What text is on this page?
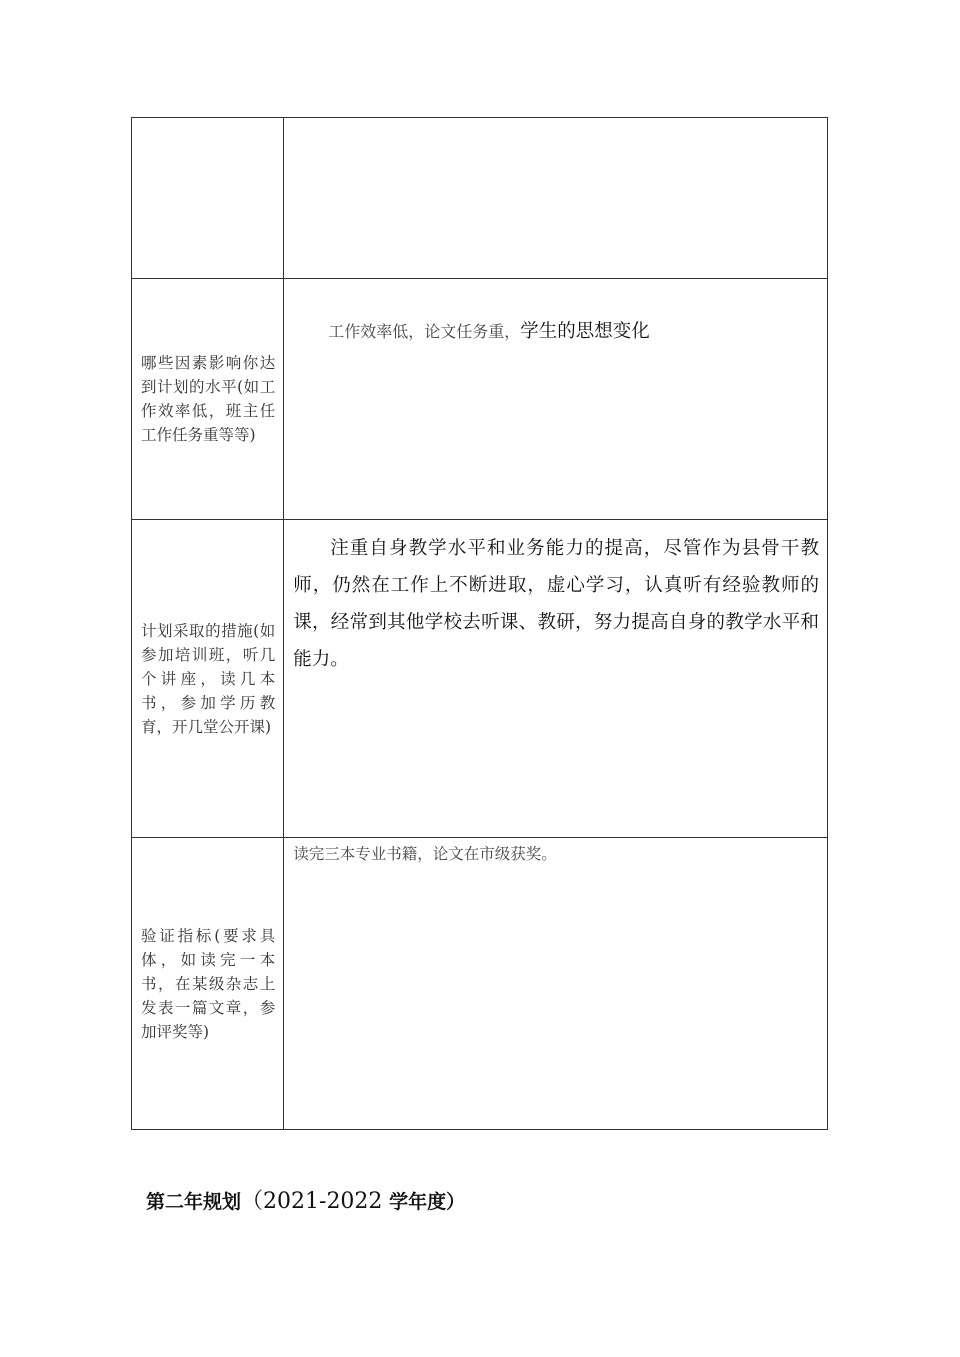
哪些因素影响你达到计划的水平(如工作效率低，班主任工作任务重等等)	工作效率低，论文任务重，学生的思想变化

计划采取的措施(如参加培训班，听几个讲座，读几本书，参加学历教育，开几堂公开课)	注重自身教学水平和业务能力的提高，尽管作为县骨干教师，仍然在工作上不断进取，虚心学习，认真听有经验教师的课，经常到其他学校去听课、教研，努力提高自身的教学水平和能力。

验证指标(要求具体，如读完一本书，在某级杂志上发表一篇文章，参加评奖等)	读完三本专业书籍，论文在市级获奖。
第二年规划（2021-2022 学年度）
